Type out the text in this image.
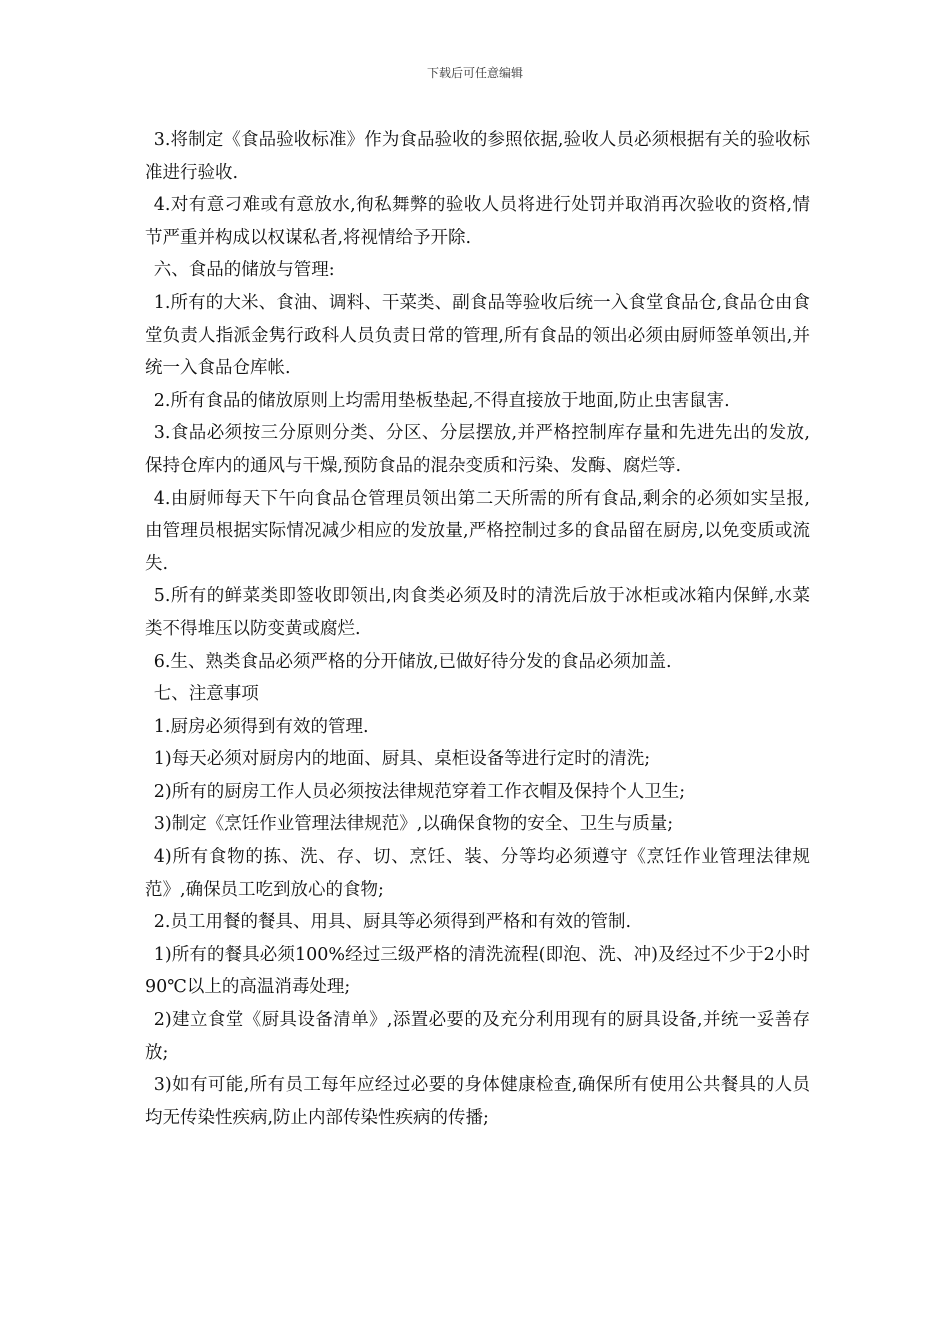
下载后可任意编辑

3.将制定《食品验收标准》作为食品验收的参照依据,验收人员必须根据有关的验收标准进行验收.

4.对有意刁难或有意放水,徇私舞弊的验收人员将进行处罚并取消再次验收的资格,情节严重并构成以权谋私者,将视情给予开除.

六、食品的储放与管理:

1.所有的大米、食油、调料、干菜类、副食品等验收后统一入食堂食品仓,食品仓由食堂负责人指派金隽行政科人员负责日常的管理,所有食品的领出必须由厨师签单领出,并统一入食品仓库帐.

2.所有食品的储放原则上均需用垫板垫起,不得直接放于地面,防止虫害鼠害.

3.食品必须按三分原则分类、分区、分层摆放,并严格控制库存量和先进先出的发放,保持仓库内的通风与干燥,预防食品的混杂变质和污染、发酶、腐烂等.

4.由厨师每天下午向食品仓管理员领出第二天所需的所有食品,剩余的必须如实呈报,由管理员根据实际情况减少相应的发放量,严格控制过多的食品留在厨房,以免变质或流失.

5.所有的鲜菜类即签收即领出,肉食类必须及时的清洗后放于冰柜或冰箱内保鲜,水菜类不得堆压以防变黄或腐烂.

6.生、熟类食品必须严格的分开储放,已做好待分发的食品必须加盖.

七、注意事项

1.厨房必须得到有效的管理.

1)每天必须对厨房内的地面、厨具、桌柜设备等进行定时的清洗;

2)所有的厨房工作人员必须按法律规范穿着工作衣帽及保持个人卫生;

3)制定《烹饪作业管理法律规范》,以确保食物的安全、卫生与质量;

4)所有食物的拣、洗、存、切、烹饪、装、分等均必须遵守《烹饪作业管理法律规范》,确保员工吃到放心的食物;

2.员工用餐的餐具、用具、厨具等必须得到严格和有效的管制.

1)所有的餐具必须100%经过三级严格的清洗流程(即泡、洗、冲)及经过不少于2小时90℃以上的高温消毒处理;

2)建立食堂《厨具设备清单》,添置必要的及充分利用现有的厨具设备,并统一妥善存放;

3)如有可能,所有员工每年应经过必要的身体健康检查,确保所有使用公共餐具的人员均无传染性疾病,防止内部传染性疾病的传播;
